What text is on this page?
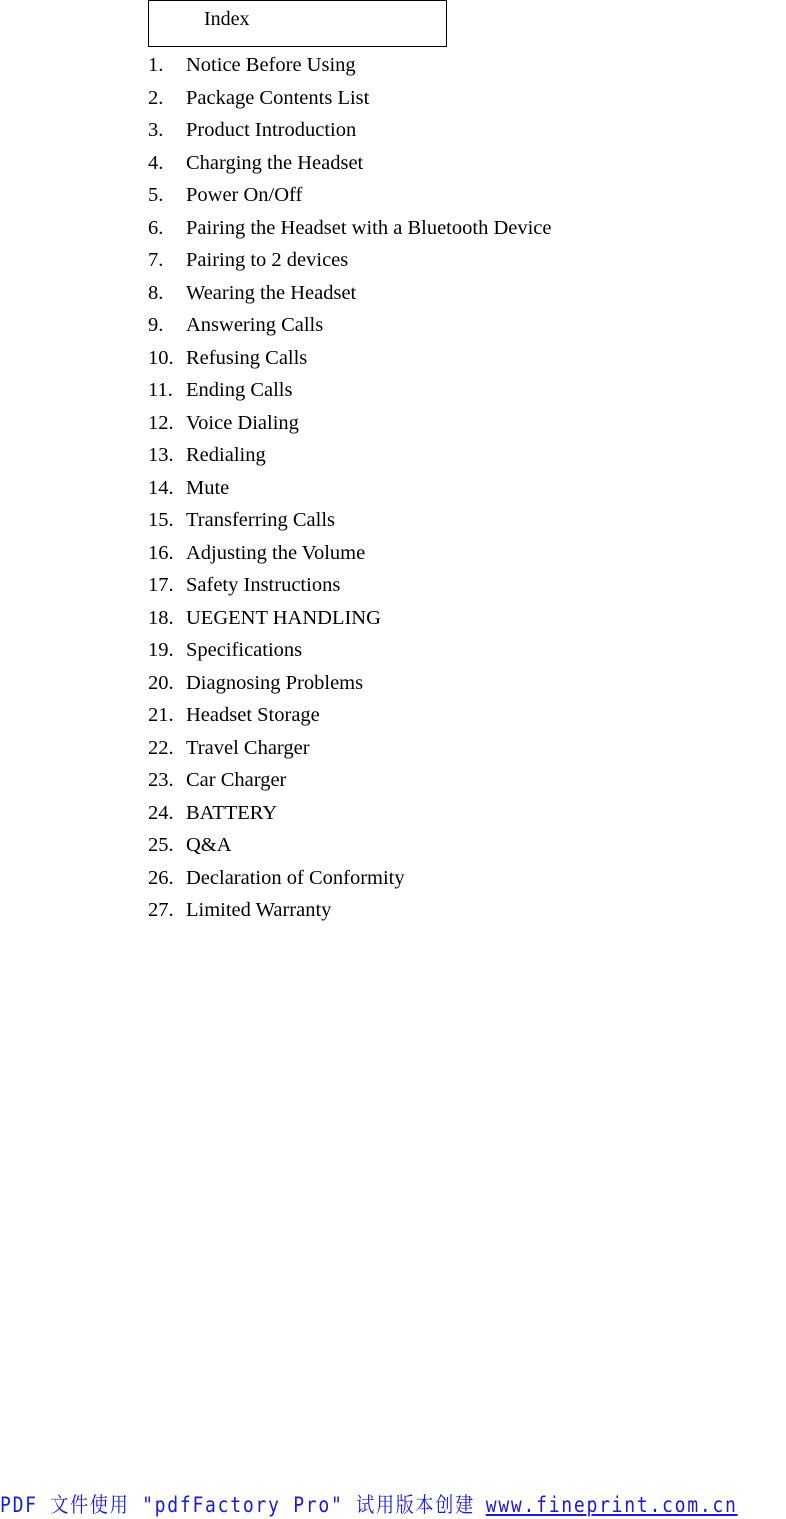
Index
1.	Notice Before Using
2.	Package Contents List
3.	Product Introduction
4.	Charging the Headset
5.	Power On/Off
6.	Pairing the Headset with a Bluetooth Device
7.	Pairing to 2 devices
8.	Wearing the Headset
9.	Answering Calls
10. Refusing Calls
11. Ending Calls
12. Voice Dialing
13. Redialing
14. Mute
15. Transferring Calls
16. Adjusting the Volume
17. Safety Instructions
18. UEGENT HANDLING
19. Specifications
20. Diagnosing Problems
21. Headset Storage
22. Travel Charger
23. Car Charger
24. BATTERY
25. Q&A
26. Declaration of Conformity
27. Limited Warranty
PDF 文件使用 "pdfFactory Pro" 试用版本创建 www.fineprint.com.cn
